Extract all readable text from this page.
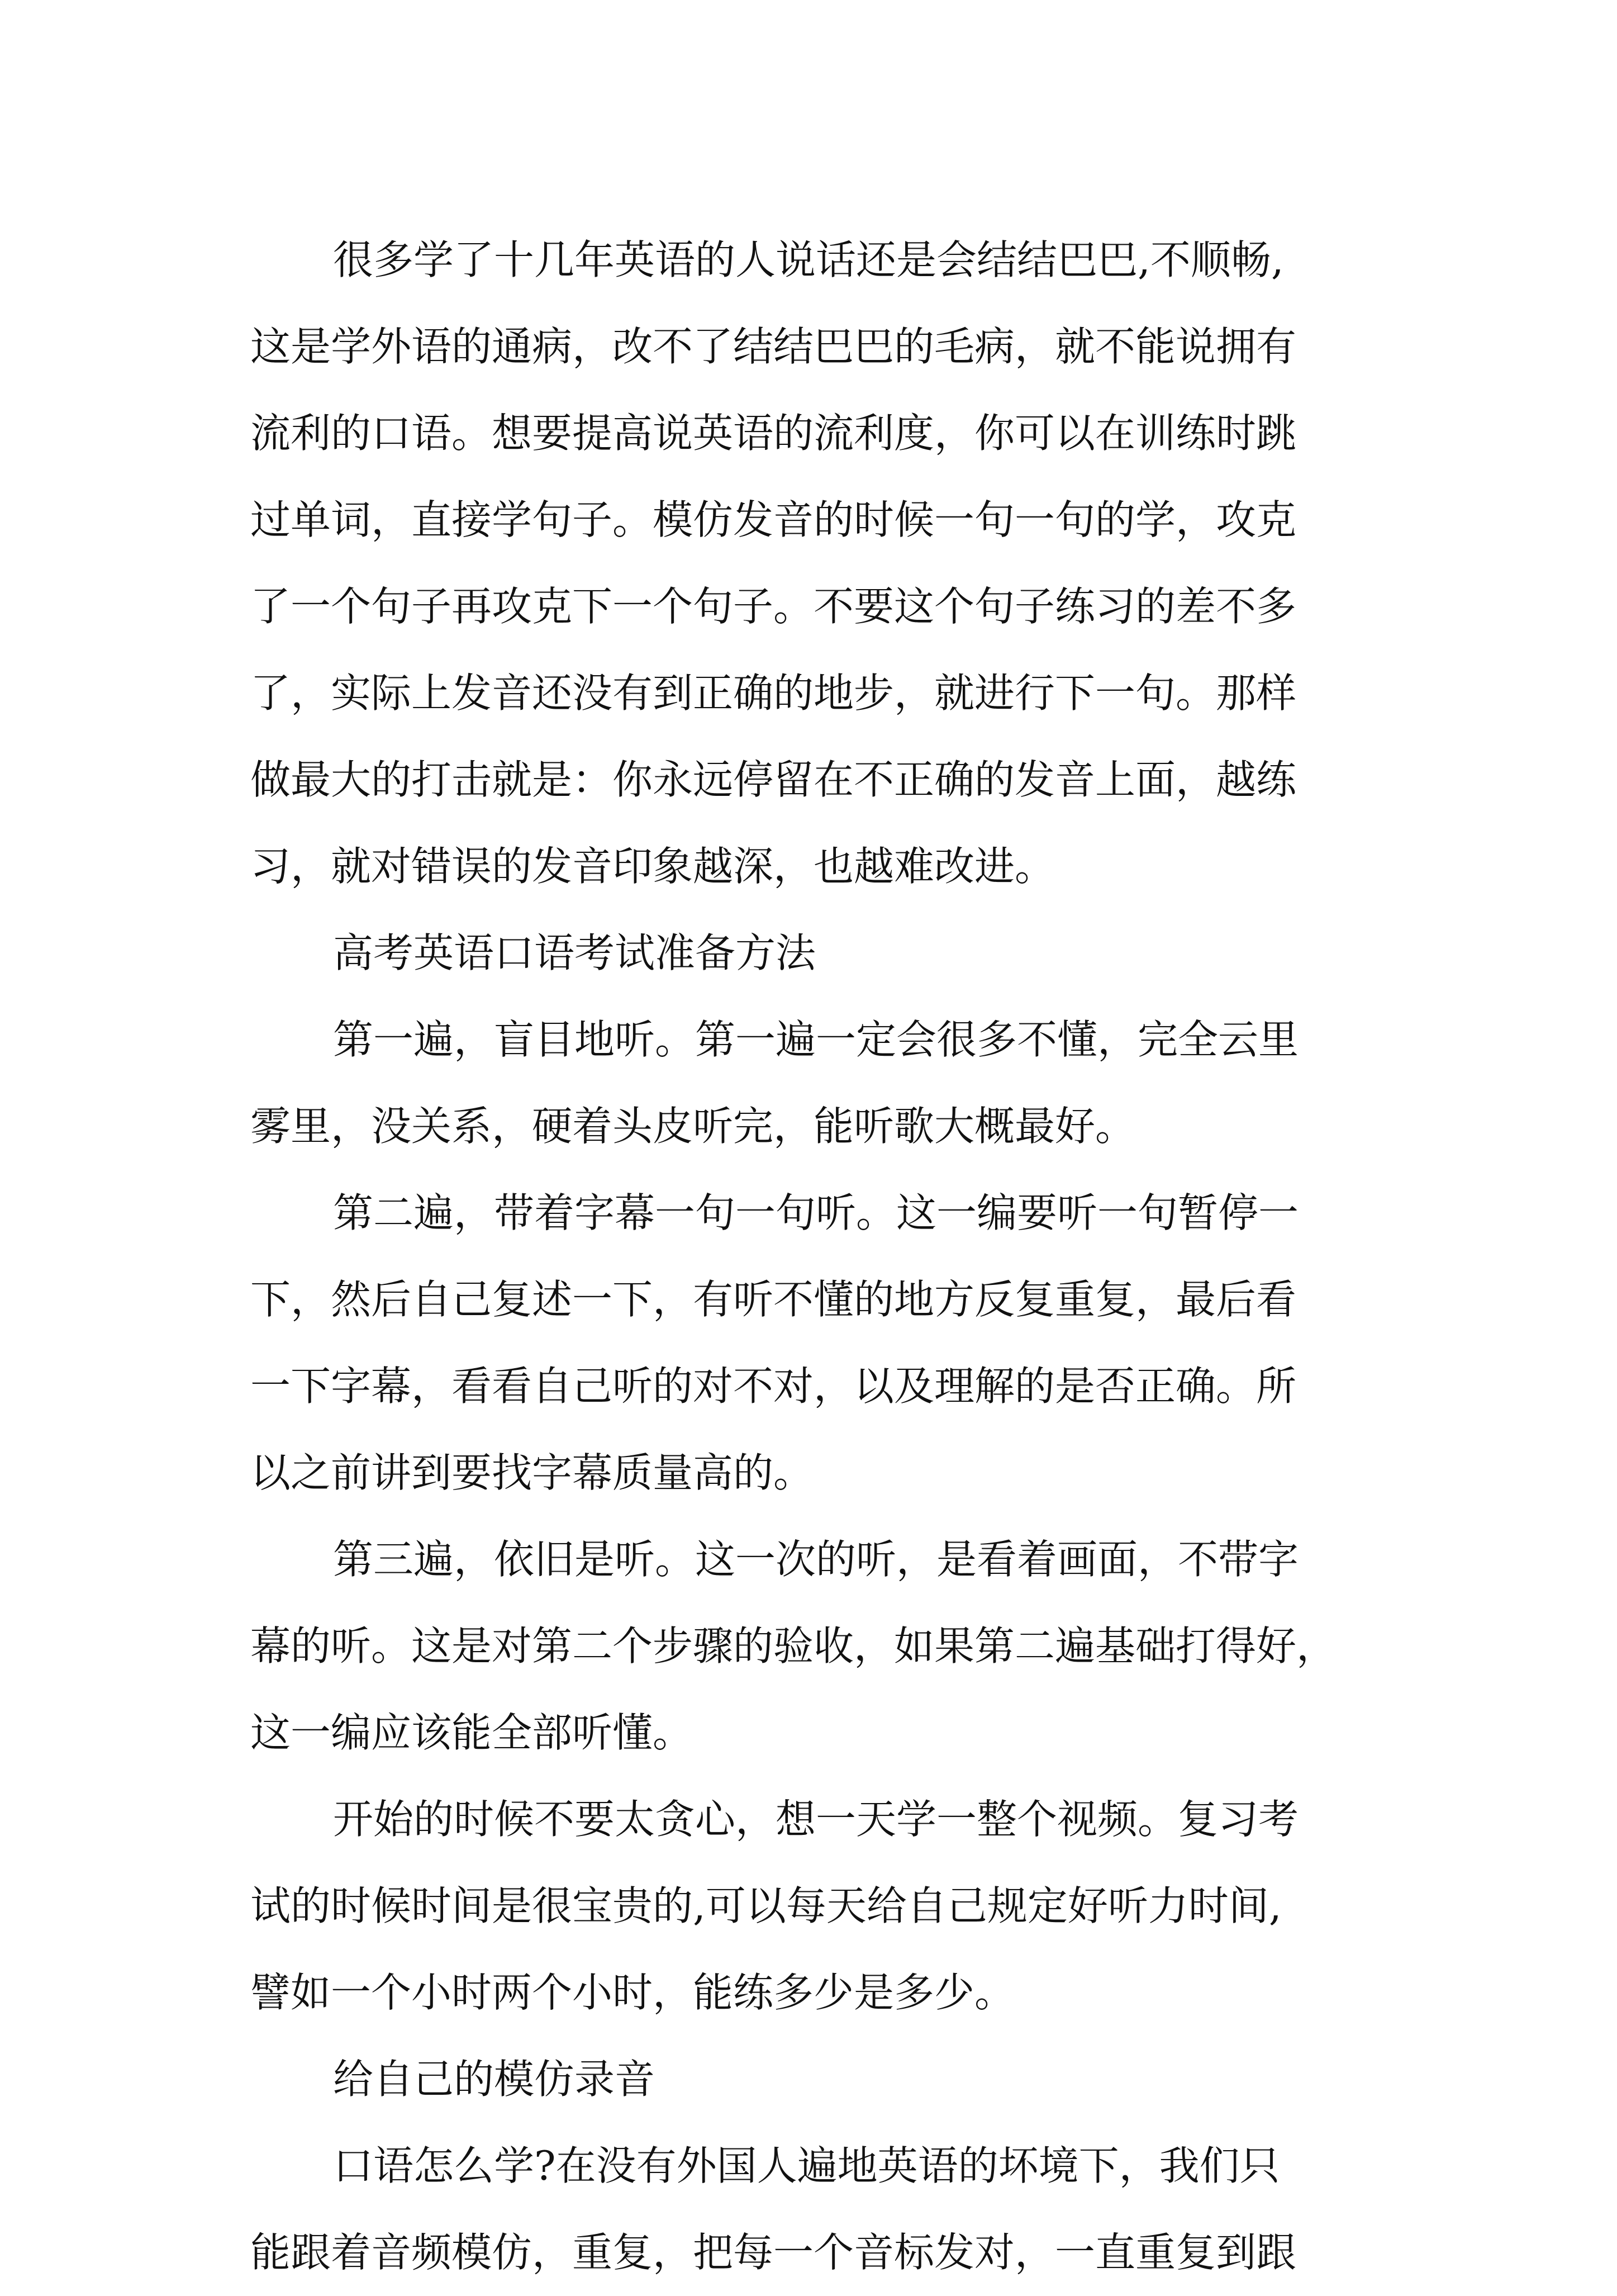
很多学了十几年英语的人说话还是会结结巴巴,不顺畅,
这是学外语的通病，改不了结结巴巴的毛病，就不能说拥有
流利的口语。想要提高说英语的流利度，你可以在训练时跳
过单词，直接学句子。模仿发音的时候一句一句的学，攻克
了一个句子再攻克下一个句子。不要这个句子练习的差不多
了，实际上发音还没有到正确的地步，就进行下一句。那样
做最大的打击就是：你永远停留在不正确的发音上面，越练
习，就对错误的发音印象越深，也越难改进。
高考英语口语考试准备方法
第一遍，盲目地听。第一遍一定会很多不懂，完全云里
雾里，没关系，硬着头皮听完，能听歌大概最好。
第二遍，带着字幕一句一句听。这一编要听一句暂停一
下，然后自己复述一下，有听不懂的地方反复重复，最后看
一下字幕，看看自己听的对不对，以及理解的是否正确。所
以之前讲到要找字幕质量高的。
第三遍，依旧是听。这一次的听，是看着画面，不带字
幕的听。这是对第二个步骤的验收，如果第二遍基础打得好，
这一编应该能全部听懂。
开始的时候不要太贪心，想一天学一整个视频。复习考
试的时候时间是很宝贵的,可以每天给自己规定好听力时间,
譬如一个小时两个小时，能练多少是多少。
给自己的模仿录音
口语怎么学?在没有外国人遍地英语的坏境下，我们只
能跟着音频模仿，重复，把每一个音标发对，一直重复到跟
